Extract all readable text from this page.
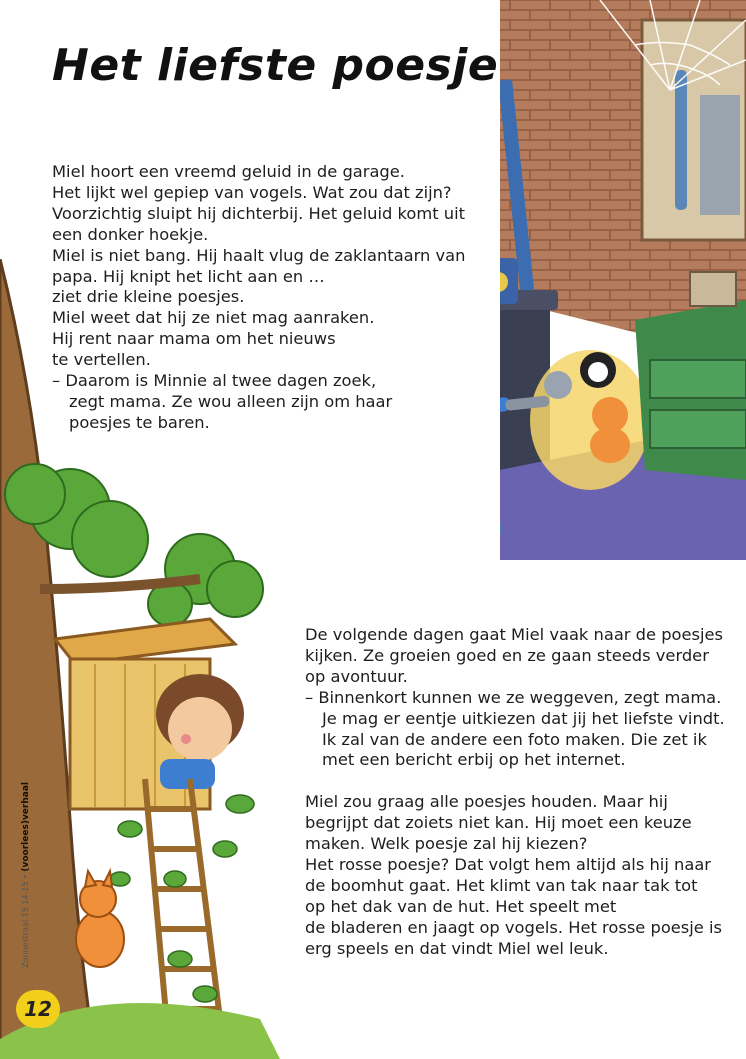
Het liefste poesje
Miel hoort een vreemd geluid in de garage.
Het lijkt wel gepiep van vogels. Wat zou dat zijn?
Voorzichtig sluipt hij dichterbij. Het geluid komt uit
een donker hoekje.
Miel is niet bang. Hij haalt vlug de zaklantaarn van
papa. Hij knipt het licht aan en …
ziet drie kleine poesjes.
Miel weet dat hij ze niet mag aanraken.
Hij rent naar mama om het nieuws
te vertellen.
– Daarom is Minnie al twee dagen zoek,
zegt mama. Ze wou alleen zijn om haar
poesjes te baren.
De volgende dagen gaat Miel vaak naar de poesjes
kijken. Ze groeien goed en ze gaan steeds verder
op avontuur.
– Binnenkort kunnen we ze weggeven, zegt mama.
Je mag er eentje uitkiezen dat jij het liefste vindt.
Ik zal van de andere een foto maken. Die zet ik
met een bericht erbij op het internet.
Miel zou graag alle poesjes houden. Maar hij
begrijpt dat zoiets niet kan. Hij moet een keuze
maken. Welk poesje zal hij kiezen?
Het rosse poesje? Dat volgt hem altijd als hij naar
de boomhut gaat. Het klimt van tak naar tak tot
op het dak van de hut. Het speelt met
de bladeren en jaagt op vogels. Het rosse poesje is
erg speels en dat vindt Miel wel leuk.
Zonnestraal 15 14-15 • (voorlees)verhaal
12
